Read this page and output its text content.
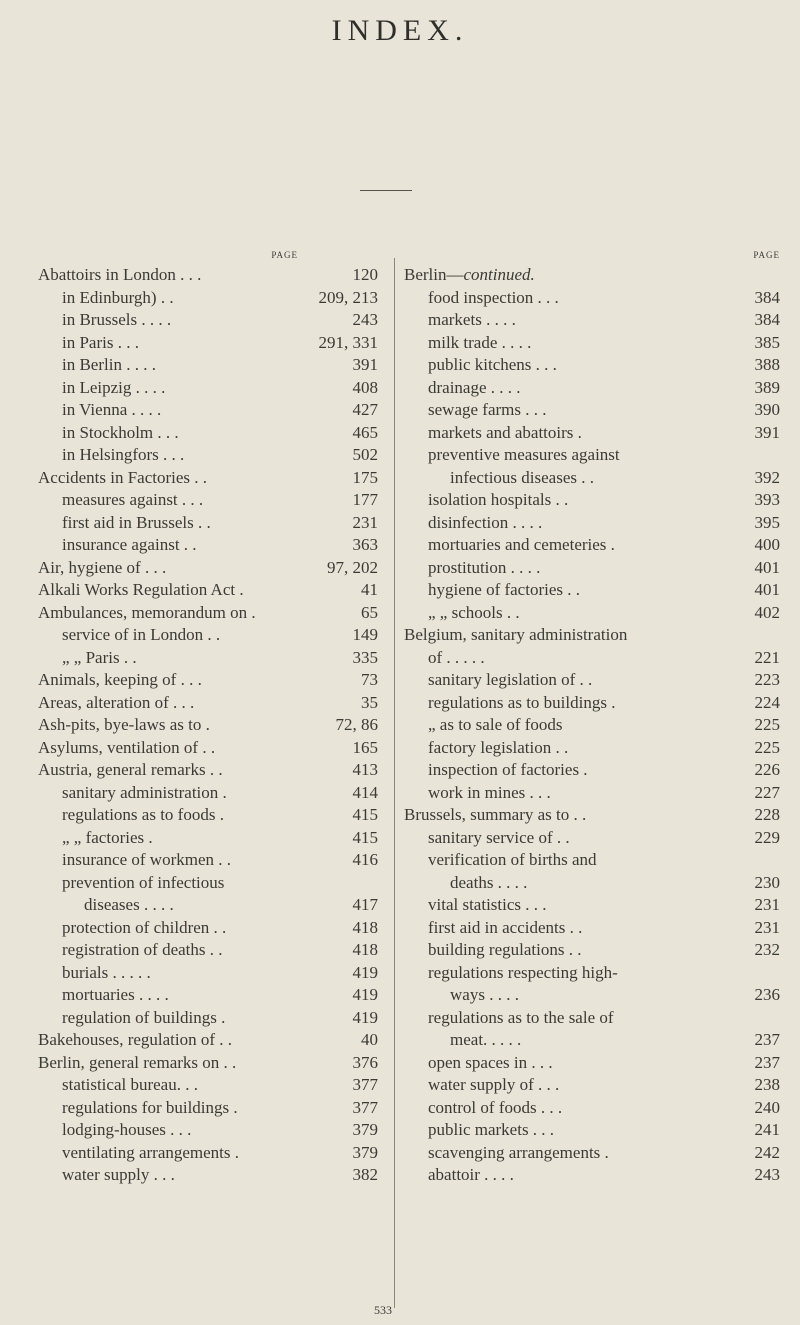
INDEX.
PAGE
Abattoirs in London . . .	120
in Edinburgh) . .	209, 213
in Brussels . . . .	243
in Paris . . .	291, 331
in Berlin . . . .	391
in Leipzig . . . .	408
in Vienna . . . .	427
in Stockholm . . .	465
in Helsingfors . . .	502
Accidents in Factories . .	175
measures against . . .	177
first aid in Brussels . .	231
insurance against . .	363
Air, hygiene of . . .	97, 202
Alkali Works Regulation Act .	41
Ambulances, memorandum on .	65
service of in London . .	149
„ „ Paris . .	335
Animals, keeping of . . .	73
Areas, alteration of . . .	35
Ash-pits, bye-laws as to .	72, 86
Asylums, ventilation of . .	165
Austria, general remarks . .	413
sanitary administration .	414
regulations as to foods .	415
„ „ factories .	415
insurance of workmen . .	416
prevention of infectious
diseases . . . .	417
protection of children . .	418
registration of deaths . .	418
burials . . . . .	419
mortuaries . . . .	419
regulation of buildings .	419
Bakehouses, regulation of . .	40
Berlin, general remarks on . .	376
statistical bureau. . .	377
regulations for buildings .	377
lodging-houses . . .	379
ventilating arrangements .	379
water supply . . .	382
PAGE
Berlin—continued.
food inspection . . .	384
markets . . . .	384
milk trade . . . .	385
public kitchens . . .	388
drainage . . . .	389
sewage farms . . .	390
markets and abattoirs .	391
preventive measures against
infectious diseases . .	392
isolation hospitals . .	393
disinfection . . . .	395
mortuaries and cemeteries .	400
prostitution . . . .	401
hygiene of factories . .	401
„ „ schools . .	402
Belgium, sanitary administration
of . . . . .	221
sanitary legislation of . .	223
regulations as to buildings .	224
„ as to sale of foods	225
factory legislation . .	225
inspection of factories .	226
work in mines . . .	227
Brussels, summary as to . .	228
sanitary service of . .	229
verification of births and
deaths . . . .	230
vital statistics . . .	231
first aid in accidents . .	231
building regulations . .	232
regulations respecting high-
ways . . . .	236
regulations as to the sale of
meat. . . . .	237
open spaces in . . .	237
water supply of . . .	238
control of foods . . .	240
public markets . . .	241
scavenging arrangements .	242
abattoir . . . .	243
533
